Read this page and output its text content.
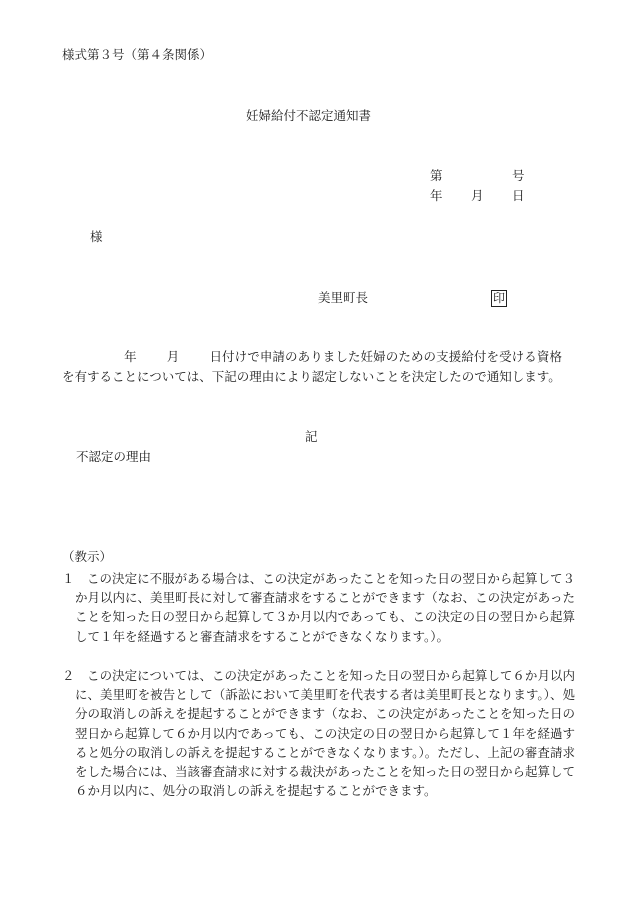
様式第３号（第４条関係）
妊婦給付不認定通知書
第	号
年 月 日
様
美里町長	印
年 月 日付けで申請のありました妊婦のための支援給付を受ける資格を有することについては、下記の理由により認定しないことを決定したので通知します。
記
不認定の理由
（教示）
１　この決定に不服がある場合は、この決定があったことを知った日の翌日から起算して３か月以内に、美里町長に対して審査請求をすることができます（なお、この決定があったことを知った日の翌日から起算して３か月以内であっても、この決定の日の翌日から起算して１年を経過すると審査請求をすることができなくなります。）。
２　この決定については、この決定があったことを知った日の翌日から起算して６か月以内に、美里町を被告として（訴訟において美里町を代表する者は美里町長となります。）、処分の取消しの訴えを提起することができます（なお、この決定があったことを知った日の翌日から起算して６か月以内であっても、この決定の日の翌日から起算して１年を経過すると処分の取消しの訴えを提起することができなくなります。）。ただし、上記の審査請求をした場合には、当該審査請求に対する裁決があったことを知った日の翌日から起算して６か月以内に、処分の取消しの訴えを提起することができます。
